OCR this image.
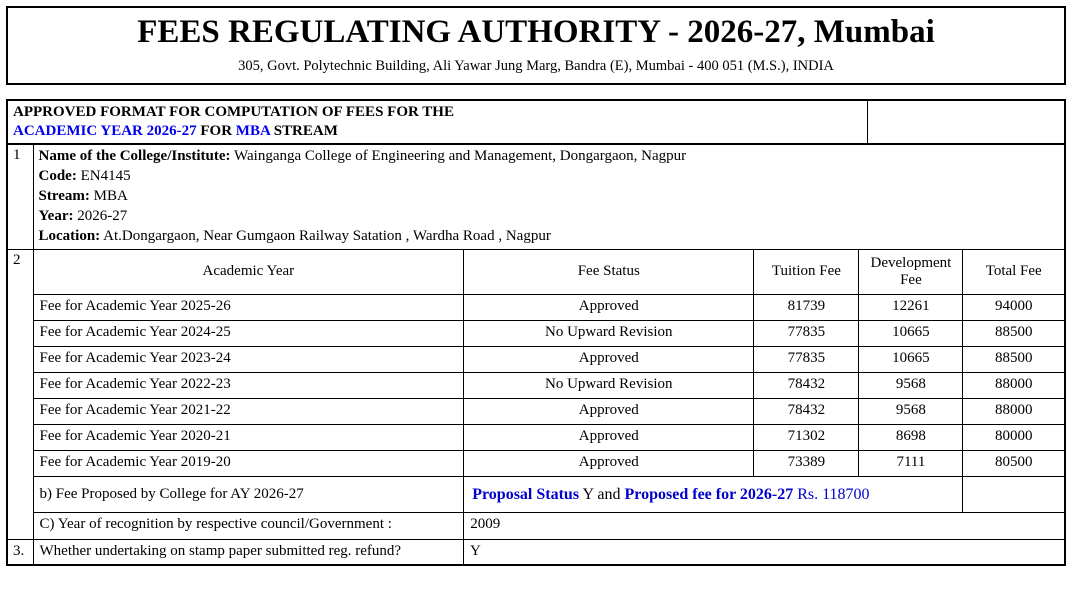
FEES REGULATING AUTHORITY - 2026-27, Mumbai
305, Govt. Polytechnic Building, Ali Yawar Jung Marg, Bandra (E), Mumbai - 400 051 (M.S.), INDIA
APPROVED FORMAT FOR COMPUTATION OF FEES FOR THE
ACADEMIC YEAR 2026-27 FOR MBA STREAM	

1	Name of the College/Institute: Wainganga College of Engineering and Management, Dongargaon, Nagpur
Code: EN4145
Stream: MBA
Year: 2026-27
Location: At.Dongargaon, Near Gumgaon Railway Satation , Wardha Road , Nagpur

2	
Academic Year	Fee Status	Tuition Fee	Development Fee	Total Fee
Fee for Academic Year 2025-26	Approved	81739	12261	94000
Fee for Academic Year 2024-25	No Upward Revision	77835	10665	88500
Fee for Academic Year 2023-24	Approved	77835	10665	88500
Fee for Academic Year 2022-23	No Upward Revision	78432	9568	88000
Fee for Academic Year 2021-22	Approved	78432	9568	88000
Fee for Academic Year 2020-21	Approved	71302	8698	80000
Fee for Academic Year 2019-20	Approved	73389	7111	80500
b) Fee Proposed by College for AY 2026-27	Proposal Status Y and Proposed fee for 2026-27 Rs. 118700	
C) Year of recognition by respective council/Government :	2009

3.	Whether undertaking on stamp paper submitted reg. refund?	Y
